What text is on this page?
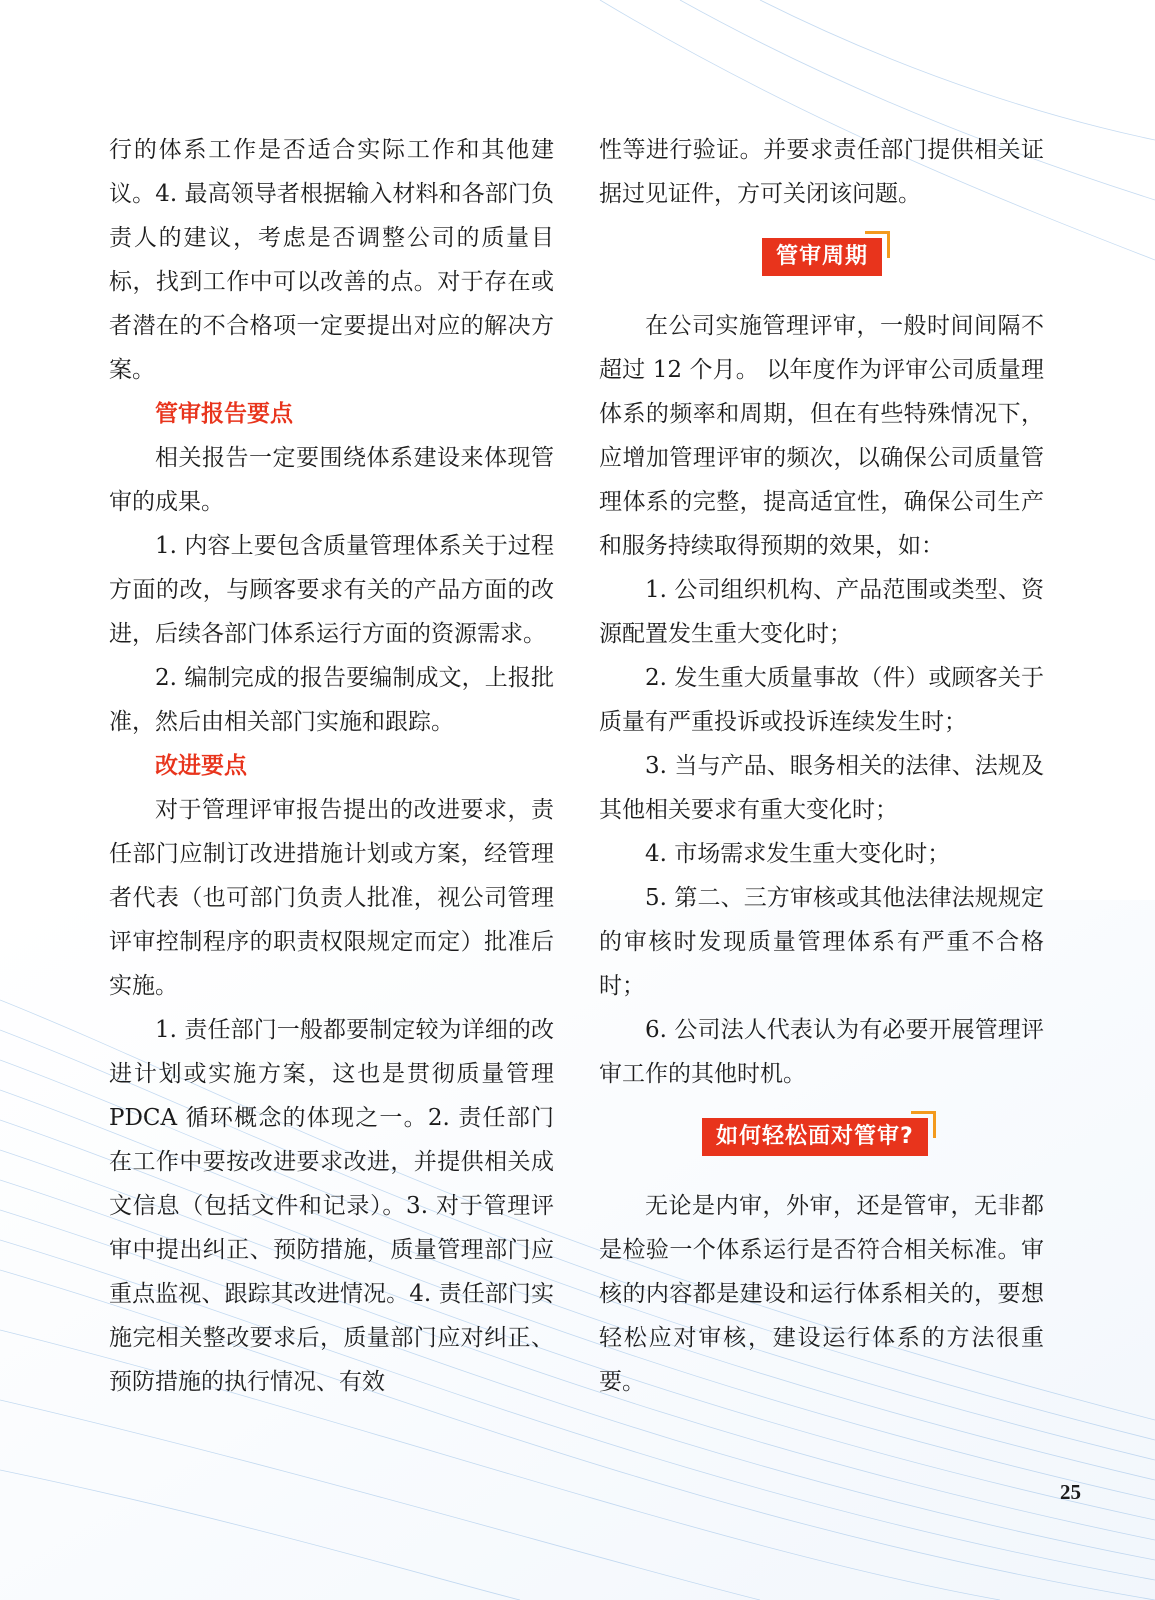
行的体系工作是否适合实际工作和其他建议。4. 最高领导者根据输入材料和各部门负责人的建议，考虑是否调整公司的质量目标，找到工作中可以改善的点。对于存在或者潜在的不合格项一定要提出对应的解决方案。

管审报告要点

相关报告一定要围绕体系建设来体现管审的成果。

1. 内容上要包含质量管理体系关于过程方面的改，与顾客要求有关的产品方面的改进，后续各部门体系运行方面的资源需求。

2. 编制完成的报告要编制成文，上报批准，然后由相关部门实施和跟踪。

改进要点

对于管理评审报告提出的改进要求，责任部门应制订改进措施计划或方案，经管理者代表（也可部门负责人批准，视公司管理评审控制程序的职责权限规定而定）批准后实施。

1. 责任部门一般都要制定较为详细的改进计划或实施方案，这也是贯彻质量管理 PDCA 循环概念的体现之一。2. 责任部门在工作中要按改进要求改进，并提供相关成文信息（包括文件和记录）。3. 对于管理评审中提出纠正、预防措施，质量管理部门应重点监视、跟踪其改进情况。4. 责任部门实施完相关整改要求后，质量部门应对纠正、预防措施的执行情况、有效

性等进行验证。并要求责任部门提供相关证据过见证件，方可关闭该问题。

管审周期

在公司实施管理评审，一般时间间隔不超过 12 个月。 以年度作为评审公司质量理体系的频率和周期，但在有些特殊情况下，应增加管理评审的频次，以确保公司质量管理体系的完整，提高适宜性，确保公司生产和服务持续取得预期的效果，如：

1. 公司组织机构、产品范围或类型、资源配置发生重大变化时；

2. 发生重大质量事故（件）或顾客关于质量有严重投诉或投诉连续发生时；

3. 当与产品、眼务相关的法律、法规及其他相关要求有重大变化时；

4. 市场需求发生重大变化时；

5. 第二、三方审核或其他法律法规规定的审核时发现质量管理体系有严重不合格时；

6. 公司法人代表认为有必要开展管理评审工作的其他时机。

如何轻松面对管审?

无论是内审，外审，还是管审，无非都是检验一个体系运行是否符合相关标准。审核的内容都是建设和运行体系相关的，要想轻松应对审核，建设运行体系的方法很重要。

25
